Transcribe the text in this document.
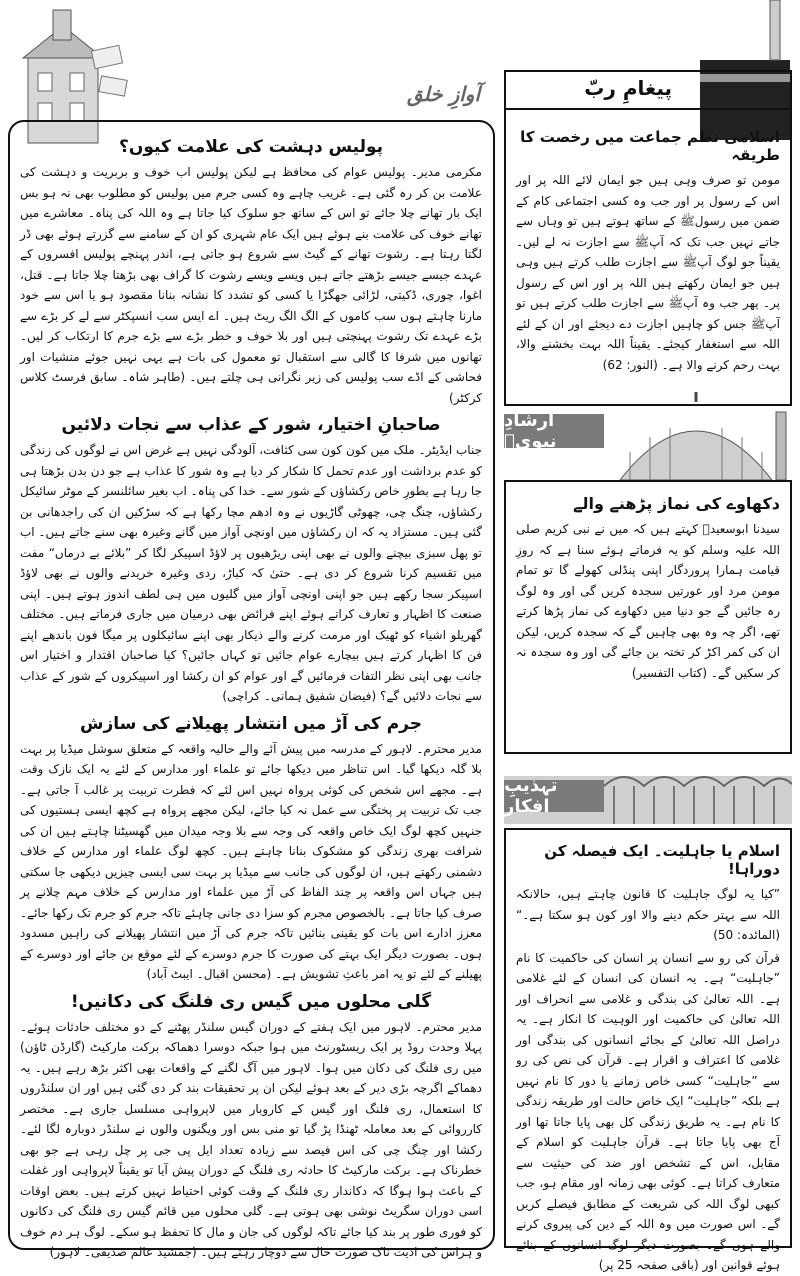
آوازِ خلق
پولیس دہشت کی علامت کیوں؟

مکرمی مدیر۔ پولیس عوام کی محافظ ہے لیکن پولیس اب خوف و بربریت و دہشت کی علامت بن کر رہ گئی ہے۔ غریب چاہے وہ کسی جرم میں پولیس کو مطلوب بھی نہ ہو بس ایک بار تھانے چلا جائے تو اس کے ساتھ جو سلوک کیا جاتا ہے وہ اللہ کی پناہ۔ معاشرے میں تھانے خوف کی علامت بنے ہوئے ہیں ایک عام شہری کو ان کے سامنے سے گزرتے ہوئے بھی ڈر لگتا رہتا ہے۔ رشوت تھانے کے گیٹ سے شروع ہو جاتی ہے، اندر پہنچے پولیس افسروں کے عہدے جیسے جیسے بڑھتے جاتے ہیں ویسے ویسے رشوت کا گراف بھی بڑھتا چلا جاتا ہے۔ قتل، اغوا، چوری، ڈکیتی، لڑائی جھگڑا یا کسی کو تشدد کا نشانہ بنانا مقصود ہو یا اس سے خود مارنا چاہتے ہوں سب کاموں کے الگ الگ ریٹ ہیں۔ اے ایس سب انسپکٹر سے لے کر بڑے سے بڑے عہدے تک رشوت پہنچتی ہیں اور بلا خوف و خطر بڑے سے بڑے جرم کا ارتکاب کر لیں۔ تھانوں میں شرفا کا گالی سے استقبال تو معمول کی بات ہے یہی نہیں جوئے منشیات اور فحاشی کے اڈے سب پولیس کی زیر نگرانی ہی چلتے ہیں۔ (طاہر شاہ۔ سابق فرسٹ کلاس کرکٹر)

صاحبانِ اختیار، شور کے عذاب سے نجات دلائیں

جناب ایڈیٹر۔ ملک میں کون کون سی کثافت، آلودگی نہیں ہے غرض اس نے لوگوں کی زندگی کو عدم برداشت اور عدم تحمل کا شکار کر دیا ہے وہ شور کا عذاب ہے جو دن بدن بڑھتا ہی جا رہا ہے بطورِ خاص رکشاؤں کے شور سے۔ خدا کی پناہ۔ اب بغیر سائلنسر کے موٹر سائیکل رکشاؤں، چنگ چی، چھوٹی گاڑیوں نے وہ ادھم مچا رکھا ہے کہ سڑکیں ان کی راجدھانی بن گئی ہیں۔ مستزاد یہ کہ ان رکشاؤں میں اونچی آواز میں گانے وغیرہ بھی سنے جاتے ہیں۔ اب تو پھل سبزی بیچنے والوں نے بھی اپنی ریڑھیوں پر لاؤڈ اسپیکر لگا کر ”بلائے بے درماں“ مفت میں تقسیم کرنا شروع کر دی ہے۔ حتیٰ کہ کباڑ، ردی وغیرہ خریدنے والوں نے بھی لاؤڈ اسپیکر سجا رکھے ہیں جو اپنی اونچی آواز میں گلیوں میں ہی لطف اندوز ہوتے ہیں۔ اپنی صنعت کا اظہار و تعارف کراتے ہوئے اپنے فرائض بھی درمیان میں جاری فرماتے ہیں۔ مختلف گھریلو اشیاء کو ٹھیک اور مرمت کرنے والے ذیکار بھی اپنے سائیکلوں پر میگا فون باندھے اپنے فن کا اظہار کرتے ہیں بیچارے عوام جائیں تو کہاں جائیں؟ کیا صاحبان اقتدار و اختیار اس جانب بھی اپنی نظر التفات فرمائیں گے اور عوام کو ان رکشا اور اسپیکروں کے شور کے عذاب سے نجات دلائیں گے؟ (فیضان شفیق ہمانی۔ کراچی)

جرم کی آڑ میں انتشار پھیلانے کی سازش

مدیر محترم۔ لاہور کے مدرسہ میں پیش آئے والے حالیہ واقعہ کے متعلق سوشل میڈیا پر بہت بلا گلہ دیکھا گیا۔ اس تناظر میں دیکھا جائے تو علماء اور مدارس کے لئے یہ ایک نازک وقت ہے۔ مجھے اس شخص کی کوئی پرواہ نہیں اس لئے کہ فطرت تربیت پر غالب آ جاتی ہے۔ جب تک تربیت پر پختگی سے عمل نہ کیا جائے، لیکن مجھے پرواہ ہے کچھ ایسی ہستیوں کی جنہیں کچھ لوگ ایک خاص واقعہ کی وجہ سے بلا وجہ میدان میں گھسیٹنا چاہتے ہیں ان کی شرافت بھری زندگی کو مشکوک بنانا چاہتے ہیں۔ کچھ لوگ علماء اور مدارس کے خلاف دشمنی رکھتے ہیں، ان لوگوں کی جانب سے میڈیا پر بہت سی ایسی چیزیں دیکھی جا سکتی ہیں جہاں اس واقعہ پر چند الفاظ کی آڑ میں علماء اور مدارس کے خلاف مہم چلانے پر صرف کیا جاتا ہے۔ بالخصوص مجرم کو سزا دی جانی چاہئے تاکہ جرم کو جرم تک رکھا جائے۔ معزز ادارے اس بات کو یقینی بنائیں تاکہ جرم کی آڑ میں انتشار پھیلانے کی راہیں مسدود ہوں۔ بصورت دیگر ایک بہتے کی صورت کا جرم دوسرے کے لئے موقع بن جائے اور دوسرے کے پھیلنے کے لئے تو یہ امر باعثِ تشویش ہے۔ (محسن اقبال۔ ایبٹ آباد)

گلی محلوں میں گیس ری فلنگ کی دکانیں!

مدیر محترم۔ لاہور میں ایک ہفتے کے دوران گیس سلنڈر پھٹنے کے دو مختلف حادثات ہوئے۔ پہلا وحدت روڈ پر ایک ریسٹورنٹ میں ہوا جبکہ دوسرا دھماکہ برکت مارکیٹ (گارڈن ٹاؤن) میں ری فلنگ کی دکان میں ہوا۔ لاہور میں آگ لگنے کے واقعات بھی اکثر بڑھ رہے ہیں۔ یہ دھماکے اگرچہ بڑی دیر کے بعد ہوئے لیکن ان پر تحقیقات بند کر دی گئی ہیں اور ان سلنڈروں کا استعمال، ری فلنگ اور گیس کے کاروبار میں لاپرواہی مسلسل جاری ہے۔ مختصر کارروائی کے بعد معاملہ ٹھنڈا پڑ گیا تو منی بس اور ویگنوں والوں نے سلنڈر دوبارہ لگا لئے۔ رکشا اور چنگ چی کی اس فیصد سے زیادہ تعداد ایل پی جی پر چل رہی ہے جو بھی خطرناک ہے۔ برکت مارکیٹ کا حادثہ ری فلنگ کے دوران پیش آیا تو یقیناً لاپرواہی اور غفلت کے باعث ہوا ہوگا کہ دکاندار ری فلنگ کے وقت کوئی احتیاط نہیں کرتے ہیں۔ بعض اوقات اسی دوران سگریٹ نوشی بھی ہوتی ہے۔ گلی محلوں میں قائم گیس ری فلنگ کی دکانوں کو فوری طور پر بند کیا جائے تاکہ لوگوں کی جان و مال کا تحفظ ہو سکے۔ لوگ ہر دم خوف و ہراس کی اذیت ناک صورت حال سے دوچار رہتے ہیں۔ (جمشید عالم صدیقی۔ لاہور)

پیغامِ ربّ
اسلامی نظم جماعت میں رخصت کا طریقہ

مومن تو صرف وہی ہیں جو ایمان لائے اللہ پر اور اس کے رسول پر اور جب وہ کسی اجتماعی کام کے ضمن میں رسولﷺ کے ساتھ ہوتے ہیں تو وہاں سے جاتے نہیں جب تک کہ آپﷺ سے اجازت نہ لے لیں۔ یقیناً جو لوگ آپﷺ سے اجازت طلب کرتے ہیں وہی ہیں جو ایمان رکھتے ہیں اللہ پر اور اس کے رسول پر۔ پھر جب وہ آپﷺ سے اجازت طلب کرتے ہیں تو آپﷺ جس کو چاہیں اجازت دے دیجئے اور ان کے لئے اللہ سے استغفار کیجئے۔ یقیناً اللہ بہت بخشنے والا، بہت رحم کرنے والا ہے۔ (النور: 62)

ارشادِ نبویؐ
دکھاوے کی نماز پڑھنے والے

سیدنا ابوسعیدؓ کہتے ہیں کہ میں نے نبی کریم صلی اللہ علیہ وسلم کو یہ فرماتے ہوئے سنا ہے کہ روزِ قیامت ہمارا پروردگار اپنی پنڈلی کھولے گا تو تمام مومن مرد اور عورتیں سجدہ کریں گی اور وہ لوگ رہ جائیں گے جو دنیا میں دکھاوے کی نماز پڑھا کرتے تھے، اگر چہ وہ بھی چاہیں گے کہ سجدہ کریں، لیکن ان کی کمر اکڑ کر تختہ بن جائے گی اور وہ سجدہ نہ کر سکیں گے۔ (کتاب التفسیر)

تہذیبِ افکار
اسلام یا جاہلیت۔ ایک فیصلہ کن دوراہا!

”کیا یہ لوگ جاہلیت کا قانون چاہتے ہیں، حالانکہ اللہ سے بہتر حکم دینے والا اور کون ہو سکتا ہے۔“ (المائدہ: 50)

قرآن کی رو سے انسان پر انسان کی حاکمیت کا نام ”جاہلیت“ ہے۔ یہ انسان کی انسان کے لئے غلامی ہے۔ اللہ تعالیٰ کی بندگی و غلامی سے انحراف اور اللہ تعالیٰ کی حاکمیت اور الوہیت کا انکار ہے۔ یہ دراصل اللہ تعالیٰ کے بجائے انسانوں کی بندگی اور غلامی کا اعتراف و اقرار ہے۔ قرآن کی نص کی رو سے ”جاہلیت“ کسی خاص زمانے یا دور کا نام نہیں ہے بلکہ ”جاہلیت“ ایک خاص حالت اور طریقہ زندگی کا نام ہے۔ یہ طریق زندگی کل بھی پایا جاتا تھا اور آج بھی پایا جاتا ہے۔ قرآن جاہلیت کو اسلام کے مقابل، اس کے تشخص اور ضد کی حیثیت سے متعارف کراتا ہے۔ کوئی بھی زمانہ اور مقام ہو، جب کبھی لوگ اللہ کی شریعت کے مطابق فیصلے کریں گے۔ اس صورت میں وہ اللہ کے دین کی پیروی کرنے والے ہوں گے۔ بصورت دیگر لوگ انسانوں کے بنائے ہوئے قوانین اور (باقی صفحہ 25 پر)
